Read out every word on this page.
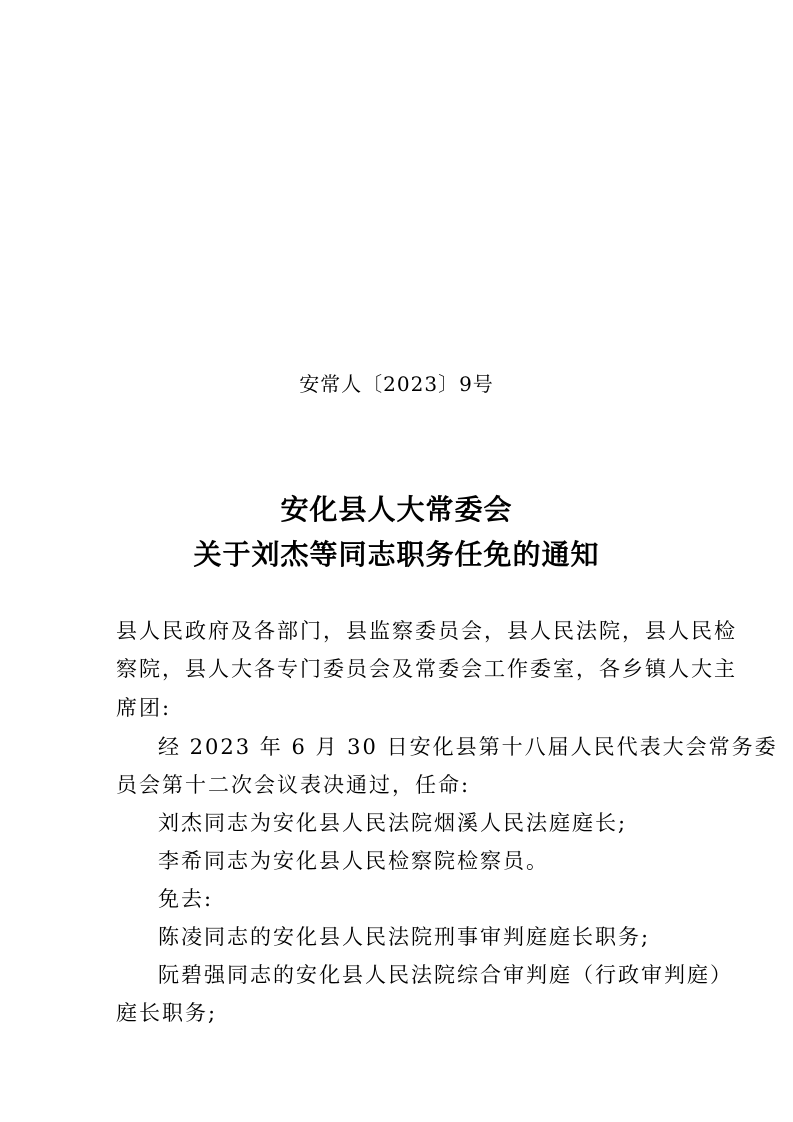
安常人〔2023〕9号
安化县人大常委会
关于刘杰等同志职务任免的通知
县人民政府及各部门，县监察委员会，县人民法院，县人民检
察院，县人大各专门委员会及常委会工作委室，各乡镇人大主
席团:
经 2023 年 6 月 30 日安化县第十八届人民代表大会常务委
员会第十二次会议表决通过，任命:
刘杰同志为安化县人民法院烟溪人民法庭庭长;
李希同志为安化县人民检察院检察员。
免去:
陈凌同志的安化县人民法院刑事审判庭庭长职务;
阮碧强同志的安化县人民法院综合审判庭（行政审判庭）
庭长职务;
